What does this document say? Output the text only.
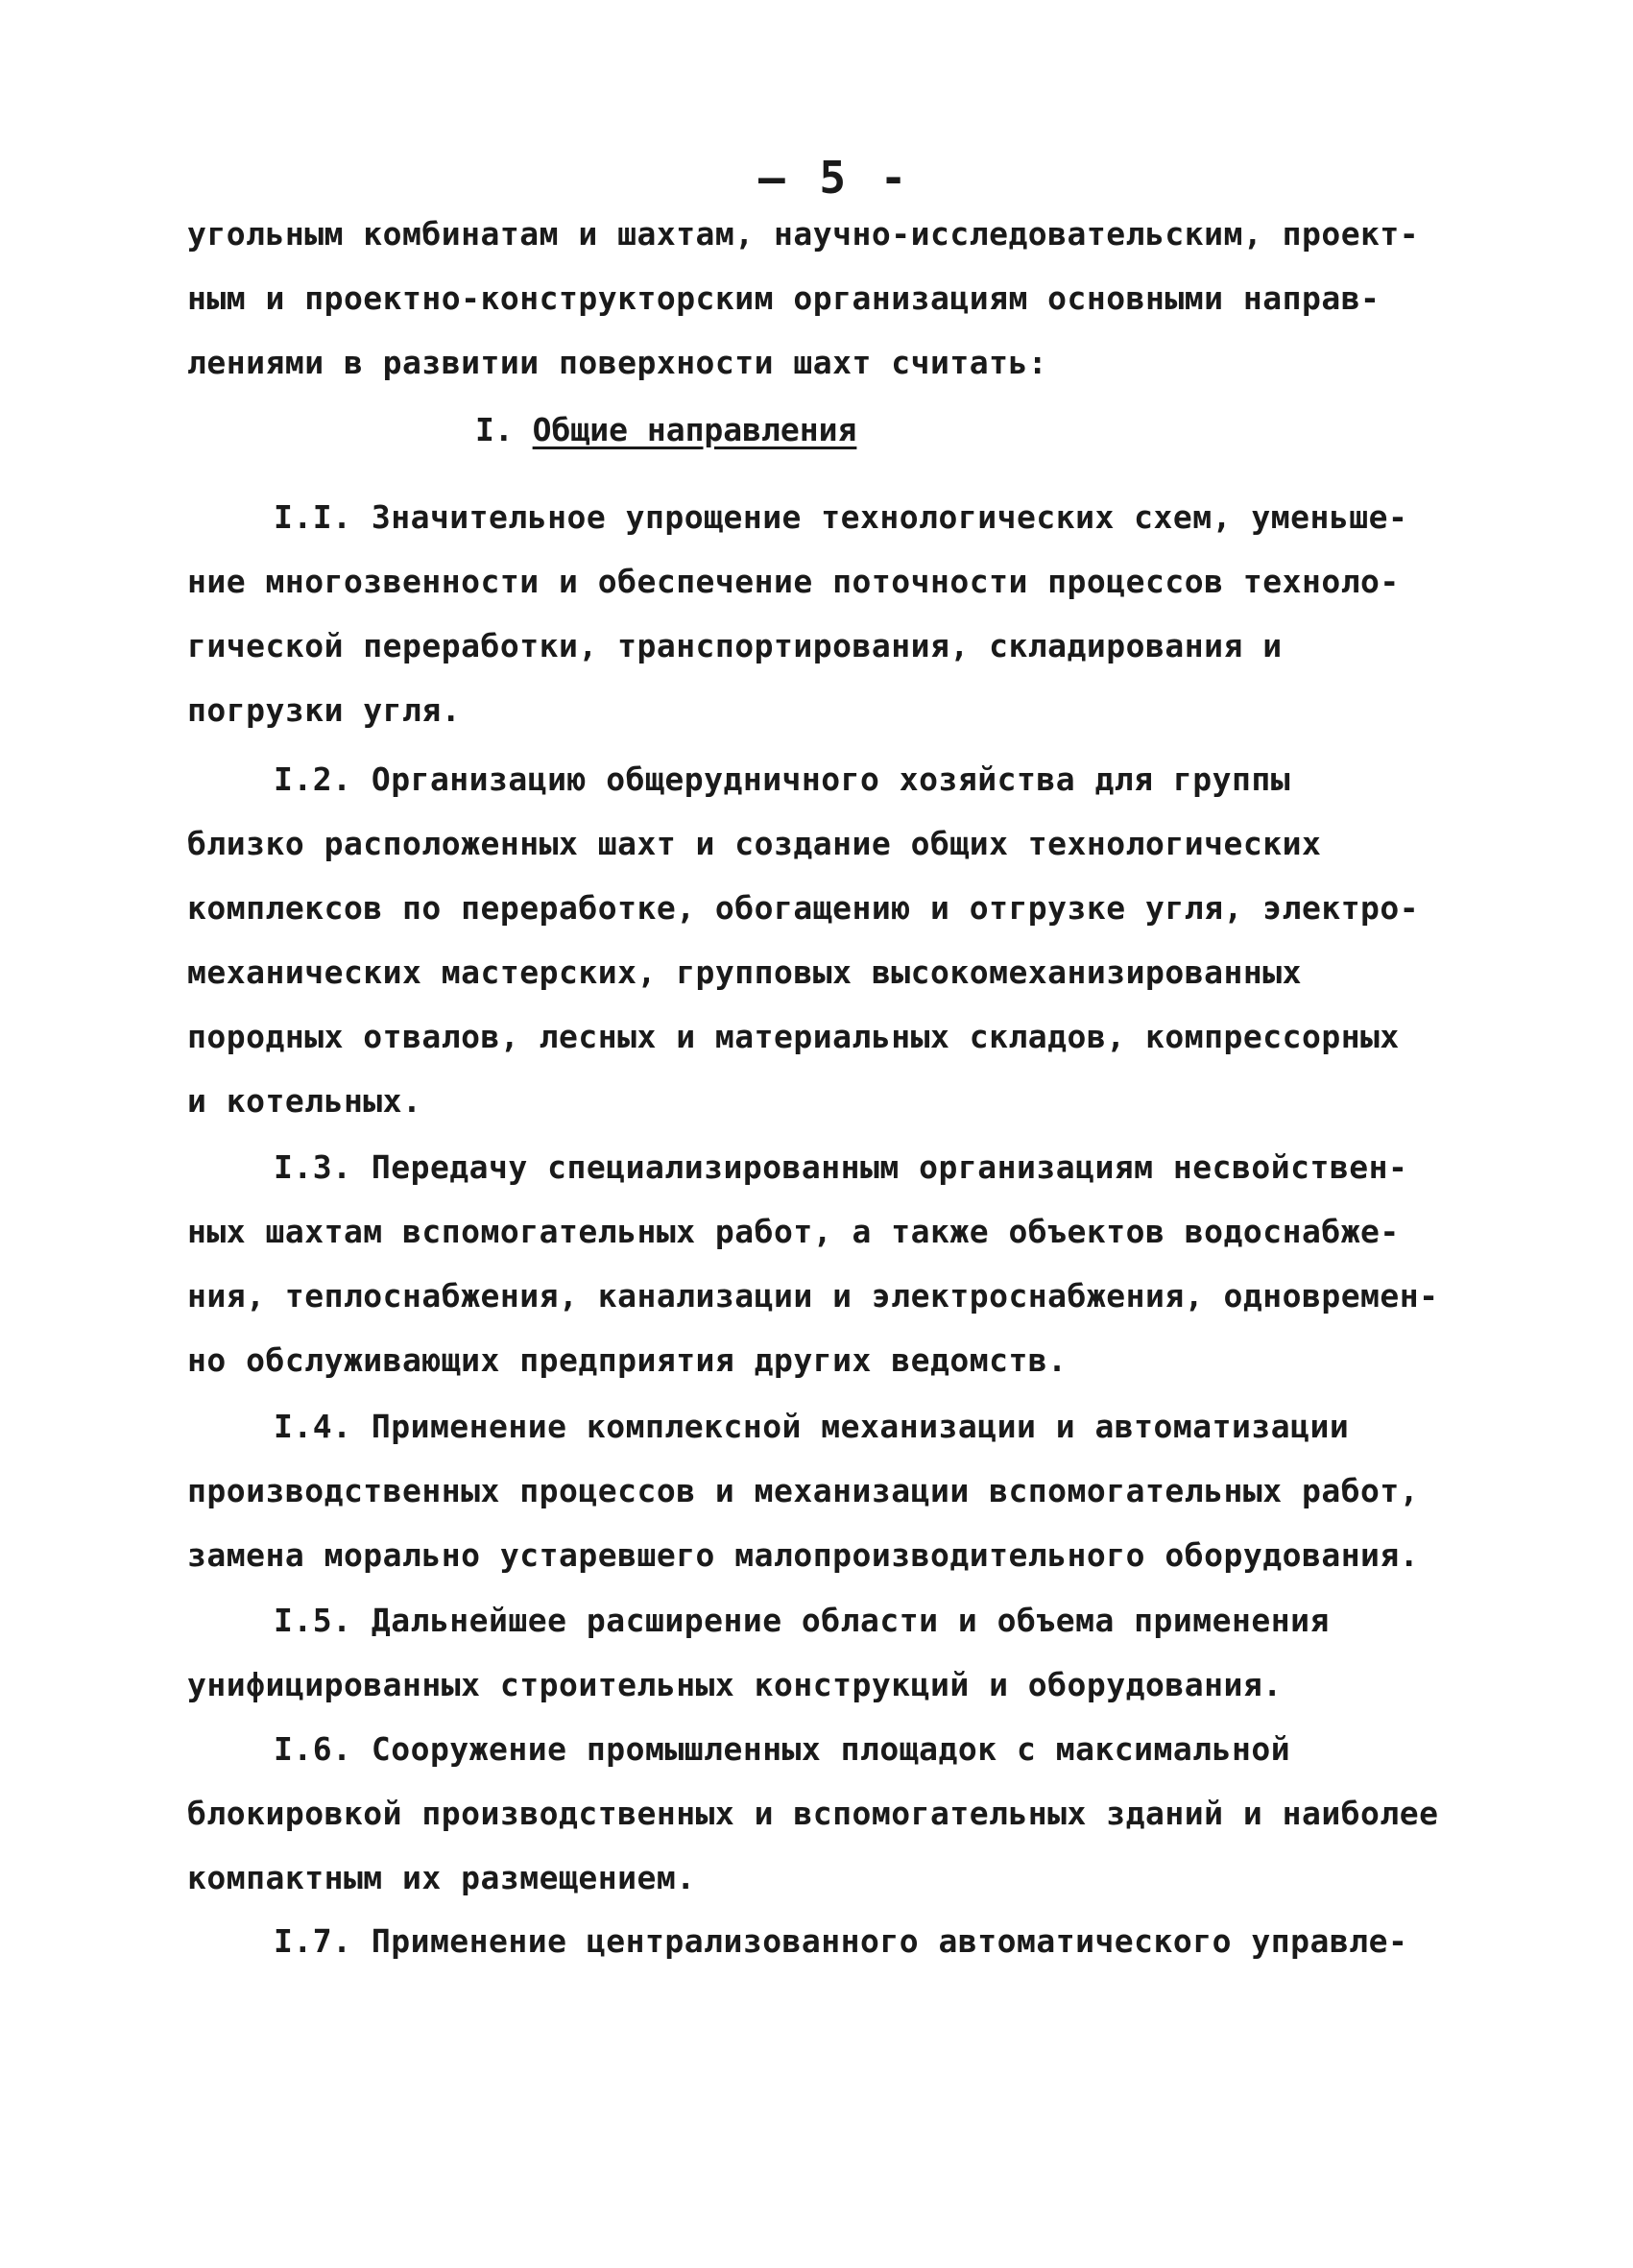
— 5 -
угольным комбинатам и шахтам, научно-исследовательским, проект-
ным и проектно-конструкторским организациям основными направ-
лениями в развитии поверхности шахт считать:
I. Общие направления
I.I. Значительное упрощение технологических схем, уменьше-
ние многозвенности и обеспечение поточности процессов техноло-
гической переработки, транспортирования, складирования и
погрузки угля.
I.2. Организацию общерудничного хозяйства для группы
близко расположенных шахт и создание общих технологических
комплексов по переработке, обогащению и отгрузке угля, электро-
механических мастерских, групповых высокомеханизированных
породных отвалов, лесных и материальных складов, компрессорных
и котельных.
I.3. Передачу специализированным организациям несвойствен-
ных шахтам вспомогательных работ, а также объектов водоснабже-
ния, теплоснабжения, канализации и электроснабжения, одновремен-
но обслуживающих предприятия других ведомств.
I.4. Применение комплексной механизации и автоматизации
производственных процессов и механизации вспомогательных работ,
замена морально устаревшего малопроизводительного оборудования.
I.5. Дальнейшее расширение области и объема применения
унифицированных строительных конструкций и оборудования.
I.6. Сооружение промышленных площадок с максимальной
блокировкой производственных и вспомогательных зданий и наиболее
компактным их размещением.
I.7. Применение централизованного автоматического управле-
